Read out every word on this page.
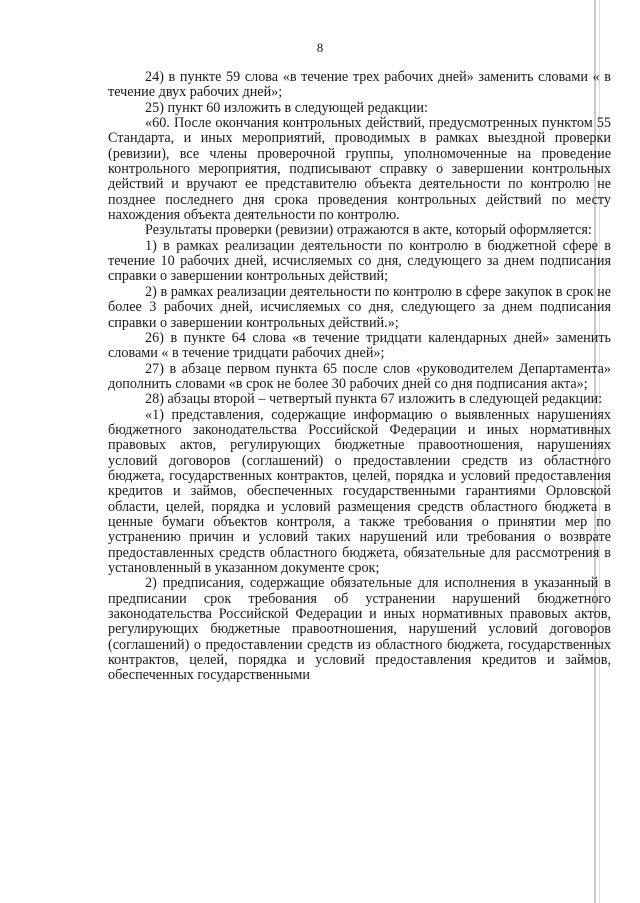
8

24) в пункте 59 слова «в течение трех рабочих дней» заменить словами « в течение двух рабочих дней»;

25) пункт 60 изложить в следующей редакции:

«60. После окончания контрольных действий, предусмотренных пунктом 55 Стандарта, и иных мероприятий, проводимых в рамках выездной проверки (ревизии), все члены проверочной группы, уполномоченные на проведение контрольного мероприятия, подписывают справку о завершении контрольных действий и вручают ее представителю объекта деятельности по контролю не позднее последнего дня срока проведения контрольных действий по месту нахождения объекта деятельности по контролю.

Результаты проверки (ревизии) отражаются в акте, который оформляется:

1) в рамках реализации деятельности по контролю в бюджетной сфере в течение 10 рабочих дней, исчисляемых со дня, следующего за днем подписания справки о завершении контрольных действий;

2) в рамках реализации деятельности по контролю в сфере закупок в срок не более 3 рабочих дней, исчисляемых со дня, следующего за днем подписания справки о завершении контрольных действий.»;

26) в пункте 64 слова «в течение тридцати календарных дней» заменить словами « в течение тридцати рабочих дней»;

27) в абзаце первом пункта 65 после слов «руководителем Департамента» дополнить словами «в срок не более 30 рабочих дней со дня подписания акта»;

28) абзацы второй – четвертый пункта 67 изложить в следующей редакции:

«1) представления, содержащие информацию о выявленных нарушениях бюджетного законодательства Российской Федерации и иных нормативных правовых актов, регулирующих бюджетные правоотношения, нарушениях условий договоров (соглашений) о предоставлении средств из областного бюджета, государственных контрактов, целей, порядка и условий предоставления кредитов и займов, обеспеченных государственными гарантиями Орловской области, целей, порядка и условий размещения средств областного бюджета в ценные бумаги объектов контроля, а также требования о принятии мер по устранению причин и условий таких нарушений или требования о возврате предоставленных средств областного бюджета, обязательные для рассмотрения в установленный в указанном документе срок;

2) предписания, содержащие обязательные для исполнения в указанный в предписании срок требования об устранении нарушений бюджетного законодательства Российской Федерации и иных нормативных правовых актов, регулирующих бюджетные правоотношения, нарушений условий договоров (соглашений) о предоставлении средств из областного бюджета, государственных контрактов, целей, порядка и условий предоставления кредитов и займов, обеспеченных государственными
